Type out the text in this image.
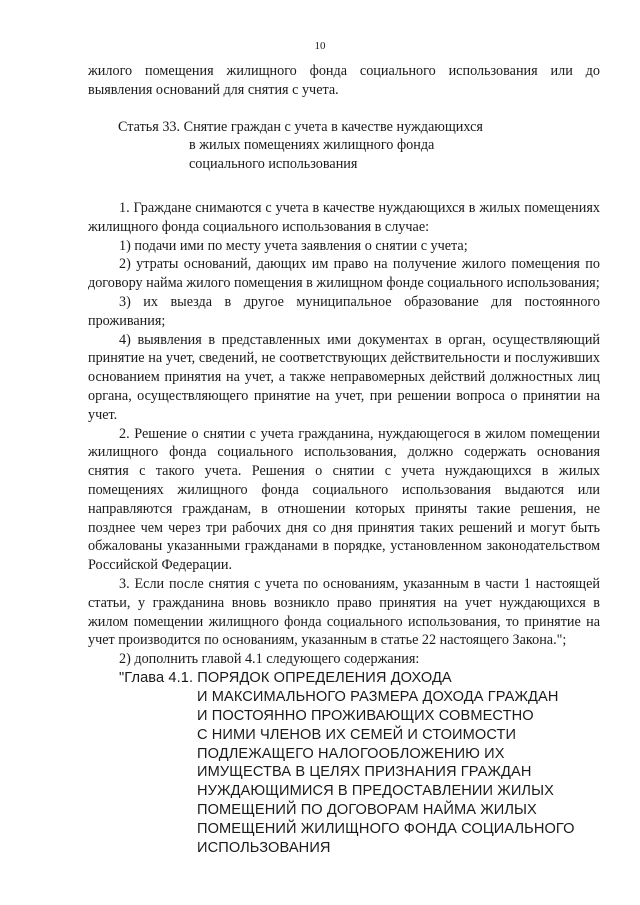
10

жилого помещения жилищного фонда социального использования или до выявления оснований для снятия с учета.

Статья 33. Снятие граждан с учета в качестве нуждающихся
в жилых помещениях жилищного фонда
социального использования

1. Граждане снимаются с учета в качестве нуждающихся в жилых помещениях жилищного фонда социального использования в случае:

1) подачи ими по месту учета заявления о снятии с учета;

2) утраты оснований, дающих им право на получение жилого помещения по договору найма жилого помещения в жилищном фонде социального использования;

3) их выезда в другое муниципальное образование для постоянного проживания;

4) выявления в представленных ими документах в орган, осуществляющий принятие на учет, сведений, не соответствующих действительности и послуживших основанием принятия на учет, а также неправомерных действий должностных лиц органа, осуществляющего принятие на учет, при решении вопроса о принятии на учет.

2. Решение о снятии с учета гражданина, нуждающегося в жилом помещении жилищного фонда социального использования, должно содержать основания снятия с такого учета. Решения о снятии с учета нуждающихся в жилых помещениях жилищного фонда социального использования выдаются или направляются гражданам, в отношении которых приняты такие решения, не позднее чем через три рабочих дня со дня принятия таких решений и могут быть обжалованы указанными гражданами в порядке, установленном законодательством Российской Федерации.

3. Если после снятия с учета по основаниям, указанным в части 1 настоящей статьи, у гражданина вновь возникло право принятия на учет нуждающихся в жилом помещении жилищного фонда социального использования, то принятие на учет производится по основаниям, указанным в статье 22 настоящего Закона.";

2) дополнить главой 4.1 следующего содержания:

"Глава 4.1. ПОРЯДОК ОПРЕДЕЛЕНИЯ ДОХОДА
И МАКСИМАЛЬНОГО РАЗМЕРА ДОХОДА ГРАЖДАН
И ПОСТОЯННО ПРОЖИВАЮЩИХ СОВМЕСТНО
С НИМИ ЧЛЕНОВ ИХ СЕМЕЙ И СТОИМОСТИ
ПОДЛЕЖАЩЕГО НАЛОГООБЛОЖЕНИЮ ИХ
ИМУЩЕСТВА В ЦЕЛЯХ ПРИЗНАНИЯ ГРАЖДАН
НУЖДАЮЩИМИСЯ В ПРЕДОСТАВЛЕНИИ ЖИЛЫХ
ПОМЕЩЕНИЙ ПО ДОГОВОРАМ НАЙМА ЖИЛЫХ
ПОМЕЩЕНИЙ ЖИЛИЩНОГО ФОНДА СОЦИАЛЬНОГО
ИСПОЛЬЗОВАНИЯ
